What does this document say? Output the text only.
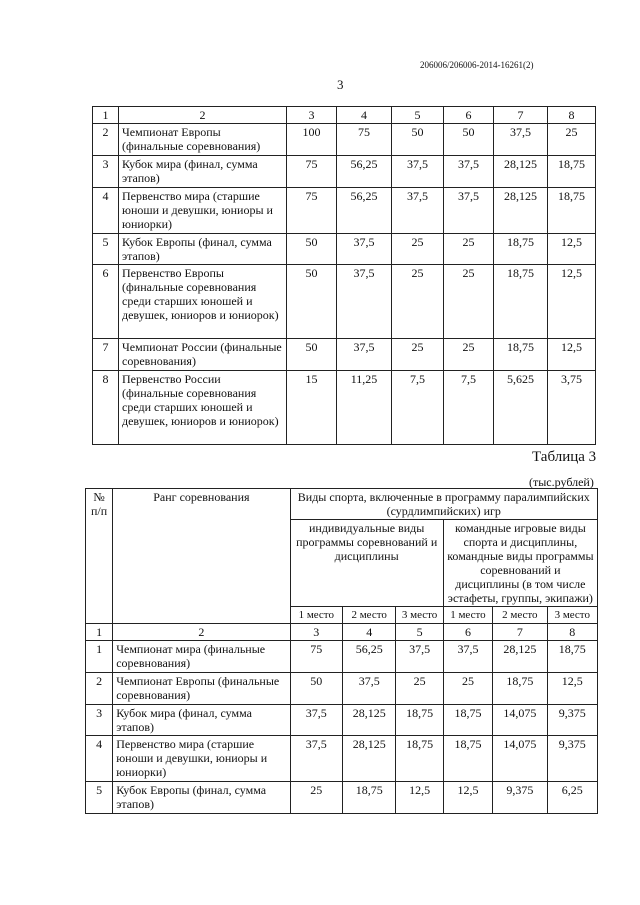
206006/206006-2014-16261(2)
3
1	2	3	4	5	6	7	8
2	Чемпионат Европы (финальные соревнования)	100	75	50	50	37,5	25
3	Кубок мира (финал, сумма этапов)	75	56,25	37,5	37,5	28,125	18,75
4	Первенство мира (старшие юноши и девушки, юниоры и юниорки)	75	56,25	37,5	37,5	28,125	18,75
5	Кубок Европы (финал, сумма этапов)	50	37,5	25	25	18,75	12,5
6	Первенство Европы (финальные соревнования среди старших юношей и девушек, юниоров и юниорок)	50	37,5	25	25	18,75	12,5
7	Чемпионат России (финальные соревнования)	50	37,5	25	25	18,75	12,5
8	Первенство России (финальные соревнования среди старших юношей и девушек, юниоров и юниорок)	15	11,25	7,5	7,5	5,625	3,75
Таблица 3
(тыс.рублей)
№ п/п	Ранг соревнования	Виды спорта, включенные в программу паралимпийских (сурдлимпийских) игр					
		индивидуальные виды программы соревнований и дисциплины			командные игровые виды спорта и дисциплины, командные виды программы соревнований и дисциплины (в том числе эстафеты, группы, экипажи)		
		1 место	2 место	3 место	1 место	2 место	3 место
1	2	3	4	5	6	7	8
1	Чемпионат мира (финальные соревнования)	75	56,25	37,5	37,5	28,125	18,75
2	Чемпионат Европы (финальные соревнования)	50	37,5	25	25	18,75	12,5
3	Кубок мира (финал, сумма этапов)	37,5	28,125	18,75	18,75	14,075	9,375
4	Первенство мира (старшие юноши и девушки, юниоры и юниорки)	37,5	28,125	18,75	18,75	14,075	9,375
5	Кубок Европы (финал, сумма этапов)	25	18,75	12,5	12,5	9,375	6,25
